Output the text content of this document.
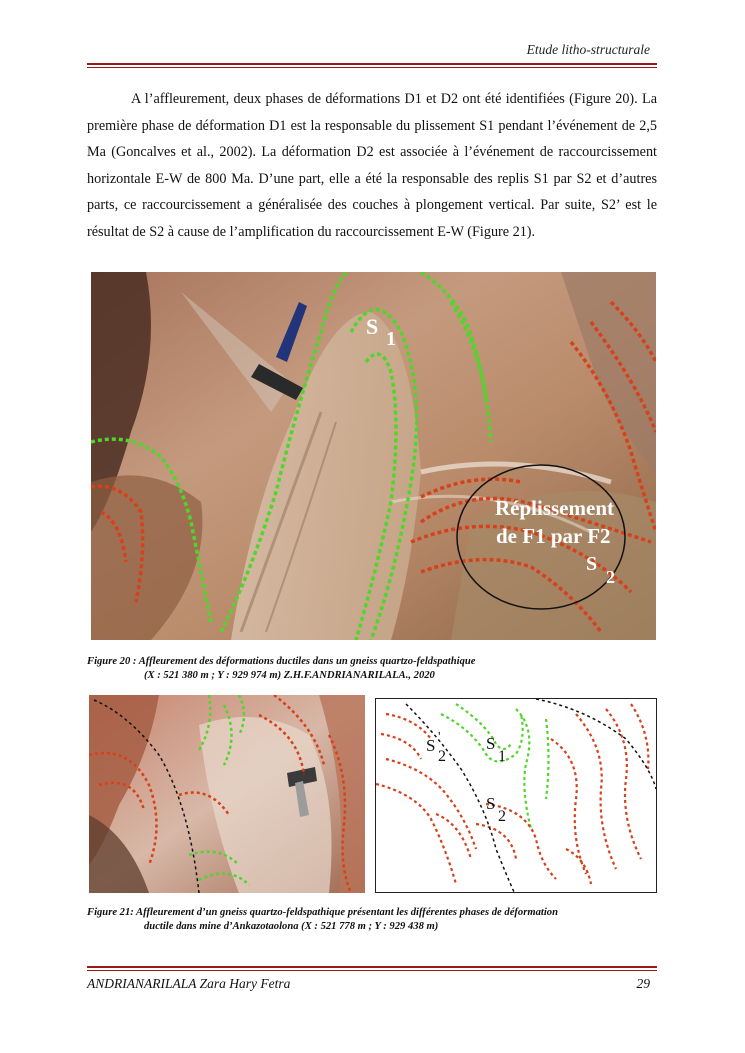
Etude litho-structurale

A l’affleurement, deux phases de déformations D1 et D2 ont été identifiées (Figure 20). La première phase de déformation D1 est la responsable du plissement S1 pendant l’événement de 2,5 Ma (Goncalves et al., 2002). La déformation D2 est associée à l’événement de raccourcissement horizontale E-W de 800 Ma. D’une part, elle a été la responsable des replis S1 par S2 et d’autres parts, ce raccourcissement a généralisée des couches à plongement vertical. Par suite, S2’ est le résultat de S2 à cause de l’amplification du raccourcissement E-W (Figure 21).

S 1
Réplissement
de F1 par F2
S
2
Figure 20 : Affleurement des déformations ductiles dans un gneiss quartzo-feldspathique
(X : 521 380 m ; Y : 929 974 m) Z.H.F.ANDRIANARILALA., 2020
S '
2
S
1
S
2
Figure 21: Affleurement d’un gneiss quartzo-feldspathique présentant les différentes phases de déformation
ductile dans mine d’Ankazotaolona (X : 521 778 m ; Y : 929 438 m)
ANDRIANARILALA Zara Hary Fetra	29
